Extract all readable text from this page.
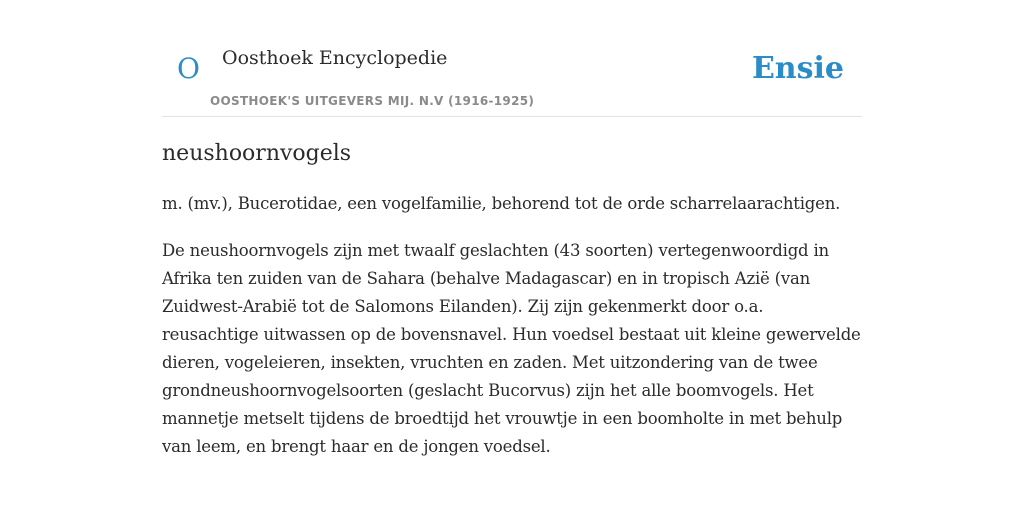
O Oosthoek Encyclopedie
OOSTHOEK'S UITGEVERS MIJ. N.V (1916-1925)
Ensie
neushoornvogels

m. (mv.), Bucerotidae, een vogelfamilie, behorend tot de orde scharrelaarachtigen.

De neushoornvogels zijn met twaalf geslachten (43 soorten) vertegenwoordigd in Afrika ten zuiden van de Sahara (behalve Madagascar) en in tropisch Azië (van Zuidwest-Arabië tot de Salomons Eilanden). Zij zijn gekenmerkt door o.a. reusachtige uitwassen op de bovensnavel. Hun voedsel bestaat uit kleine gewervelde dieren, vogeleieren, insekten, vruchten en zaden. Met uitzondering van de twee grondneushoornvogelsoorten (geslacht Bucorvus) zijn het alle boomvogels. Het mannetje metselt tijdens de broedtijd het vrouwtje in een boomholte in met behulp van leem, en brengt haar en de jongen voedsel.
